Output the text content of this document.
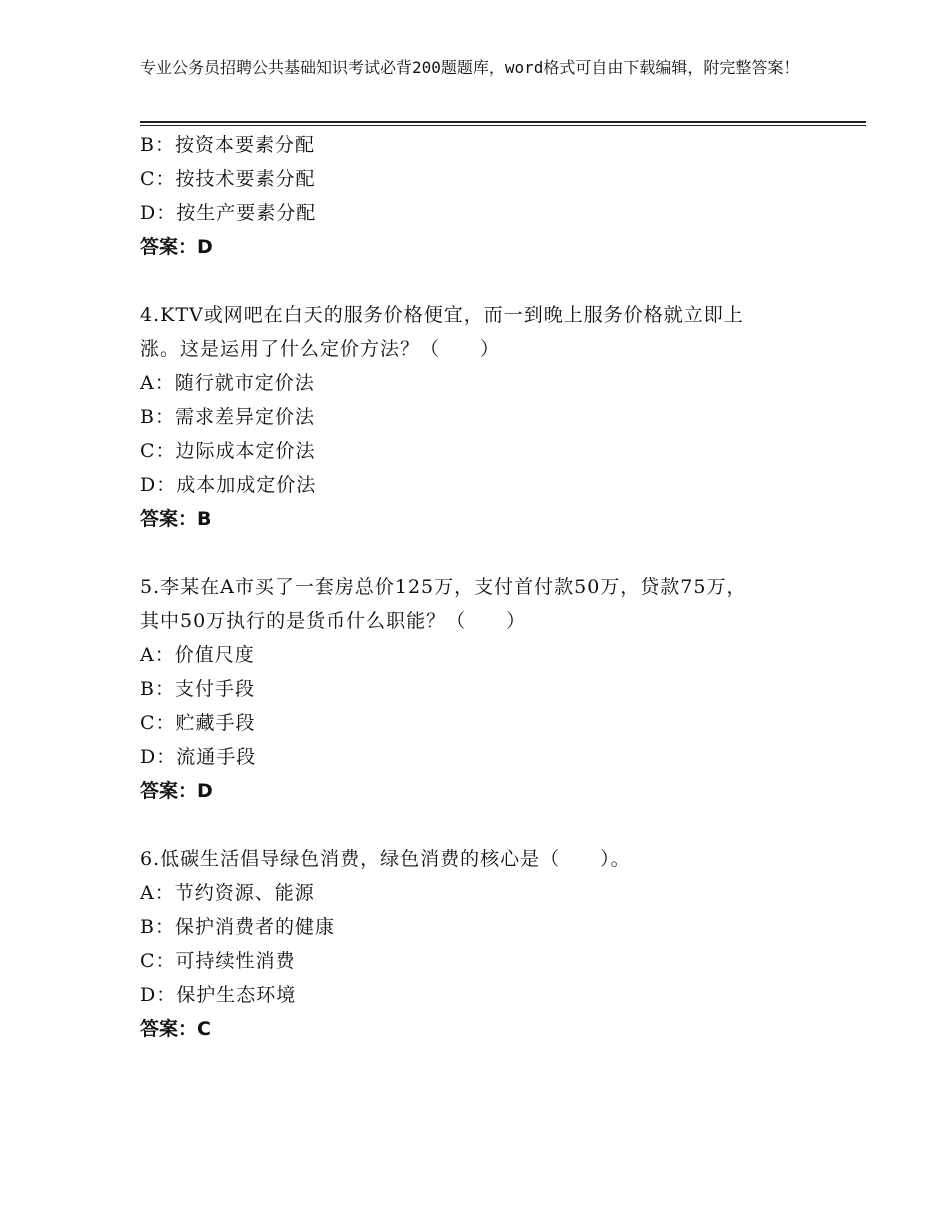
专业公务员招聘公共基础知识考试必背200题题库，word格式可自由下载编辑，附完整答案！
B：按资本要素分配
C：按技术要素分配
D：按生产要素分配
答案：D
4.KTV或网吧在白天的服务价格便宜，而一到晚上服务价格就立即上
涨。这是运用了什么定价方法？（　　）
A：随行就市定价法
B：需求差异定价法
C：边际成本定价法
D：成本加成定价法
答案：B
5.李某在A市买了一套房总价125万，支付首付款50万，贷款75万，
其中50万执行的是货币什么职能？（　　）
A：价值尺度
B：支付手段
C：贮藏手段
D：流通手段
答案：D
6.低碳生活倡导绿色消费，绿色消费的核心是（　　）。
A：节约资源、能源
B：保护消费者的健康
C：可持续性消费
D：保护生态环境
答案：C
